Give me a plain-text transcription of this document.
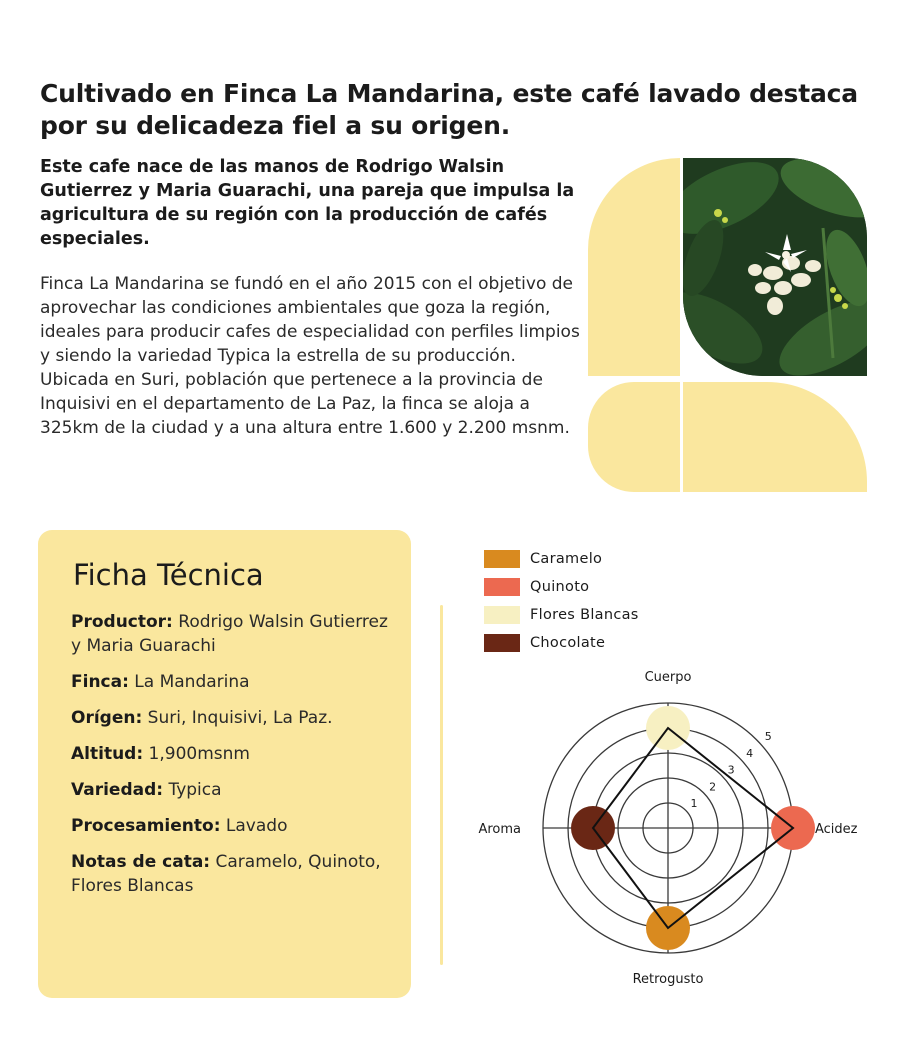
Cultivado en Finca La Mandarina, este café lavado destaca por su delicadeza fiel a su origen.

Este cafe nace de las manos de Rodrigo Walsin Gutierrez y Maria Guarachi, una pareja que impulsa la agricultura de su región con la producción de cafés especiales.

Finca La Mandarina se fundó en el año 2015 con el objetivo de aprovechar las condiciones ambientales que goza la región, ideales para producir cafes de especialidad con perfiles limpios y siendo la variedad Typica la estrella de su producción. Ubicada en Suri, población que pertenece a la provincia de Inquisivi en el departamento de La Paz, la finca se aloja a 325km de la ciudad y a una altura entre 1.600 y 2.200 msnm.

Ficha Técnica

Productor: Rodrigo Walsin Gutierrez y Maria Guarachi

Finca: La Mandarina

Orígen: Suri, Inquisivi, La Paz.

Altitud: 1,900msnm

Variedad: Typica

Procesamiento: Lavado

Notas de cata: Caramelo, Quinoto, Flores Blancas

Caramelo
Quinoto
Flores Blancas
Chocolate
1
2
3
4
5
Cuerpo
Acidez
Retrogusto
Aroma
